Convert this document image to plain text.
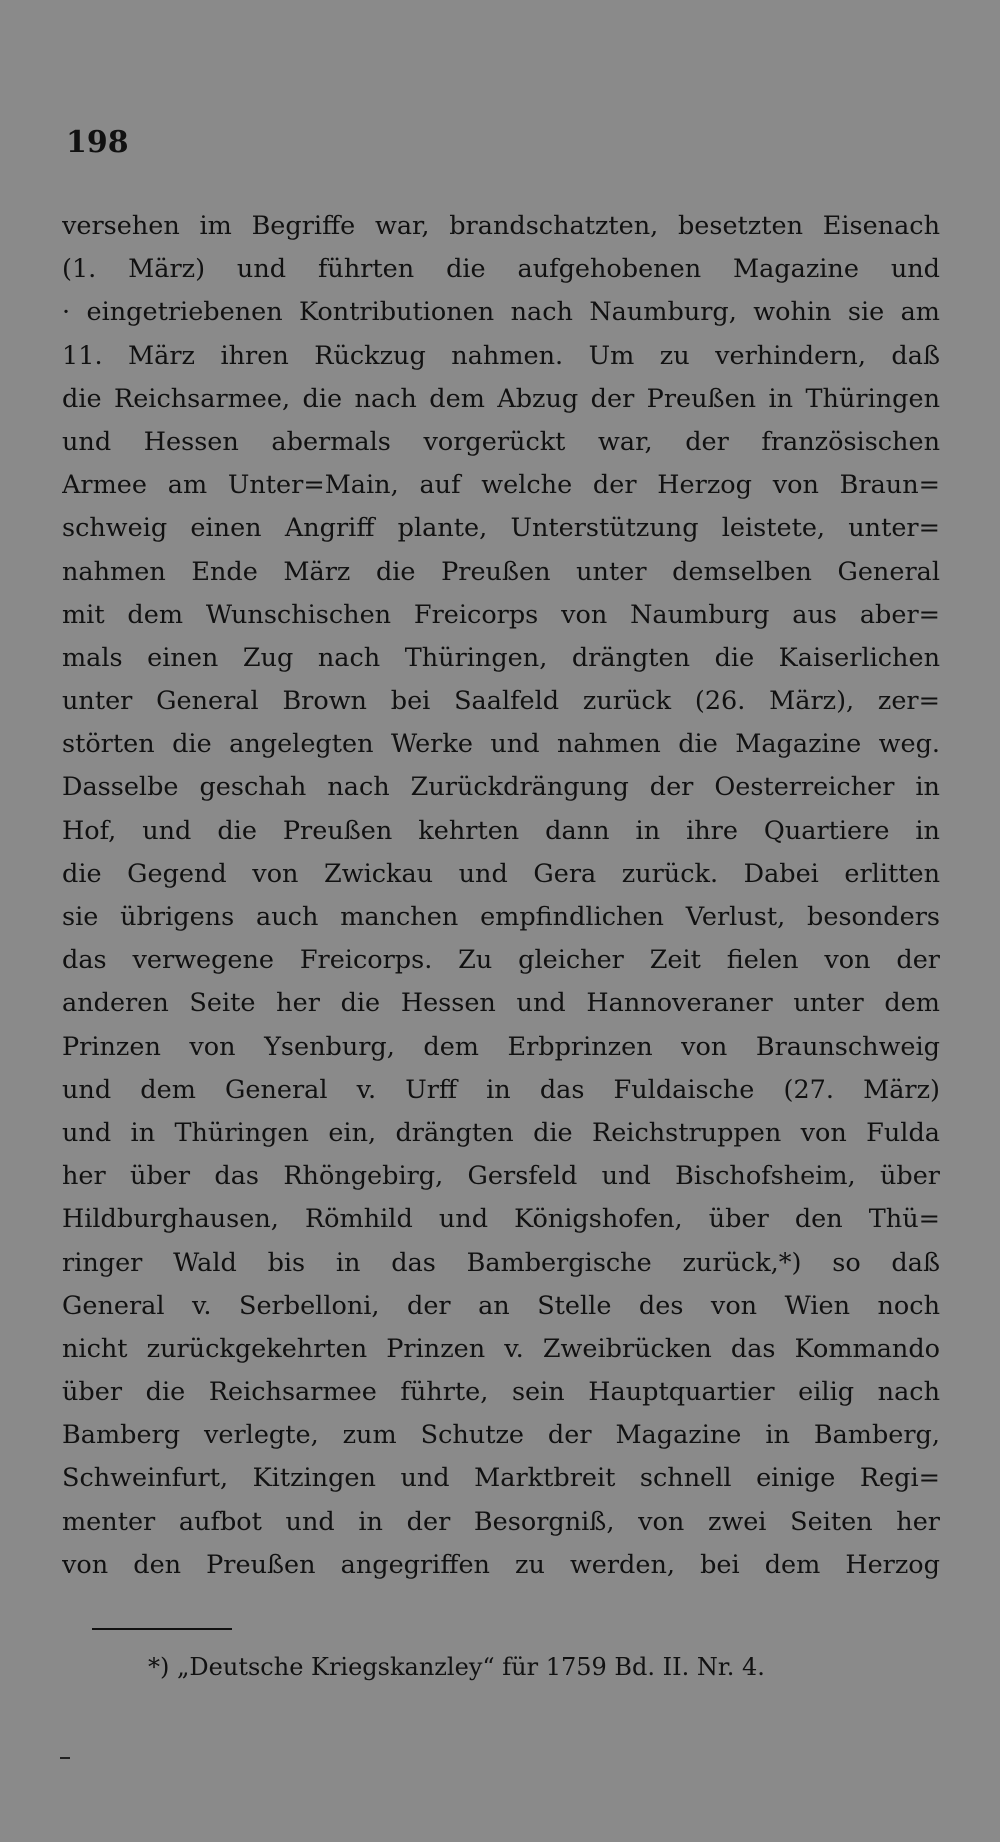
198
versehen im Begriffe war, brandschatzten, besetzten Eisenach
(1. März) und führten die aufgehobenen Magazine und
· eingetriebenen Kontributionen nach Naumburg, wohin sie am
11. März ihren Rückzug nahmen. Um zu verhindern, daß
die Reichsarmee, die nach dem Abzug der Preußen in Thüringen
und Hessen abermals vorgerückt war, der französischen
Armee am Unter=Main, auf welche der Herzog von Braun=
schweig einen Angriff plante, Unterstützung leistete, unter=
nahmen Ende März die Preußen unter demselben General
mit dem Wunschischen Freicorps von Naumburg aus aber=
mals einen Zug nach Thüringen, drängten die Kaiserlichen
unter General Brown bei Saalfeld zurück (26. März), zer=
störten die angelegten Werke und nahmen die Magazine weg.
Dasselbe geschah nach Zurückdrängung der Oesterreicher in
Hof, und die Preußen kehrten dann in ihre Quartiere in
die Gegend von Zwickau und Gera zurück. Dabei erlitten
sie übrigens auch manchen empfindlichen Verlust, besonders
das verwegene Freicorps. Zu gleicher Zeit fielen von der
anderen Seite her die Hessen und Hannoveraner unter dem
Prinzen von Ysenburg, dem Erbprinzen von Braunschweig
und dem General v. Urff in das Fuldaische (27. März)
und in Thüringen ein, drängten die Reichstruppen von Fulda
her über das Rhöngebirg, Gersfeld und Bischofsheim, über
Hildburghausen, Römhild und Königshofen, über den Thü=
ringer Wald bis in das Bambergische zurück,*) so daß
General v. Serbelloni, der an Stelle des von Wien noch
nicht zurückgekehrten Prinzen v. Zweibrücken das Kommando
über die Reichsarmee führte, sein Hauptquartier eilig nach
Bamberg verlegte, zum Schutze der Magazine in Bamberg,
Schweinfurt, Kitzingen und Marktbreit schnell einige Regi=
menter aufbot und in der Besorgniß, von zwei Seiten her
von den Preußen angegriffen zu werden, bei dem Herzog
*) „Deutsche Kriegskanzley“ für 1759 Bd. II. Nr. 4.
